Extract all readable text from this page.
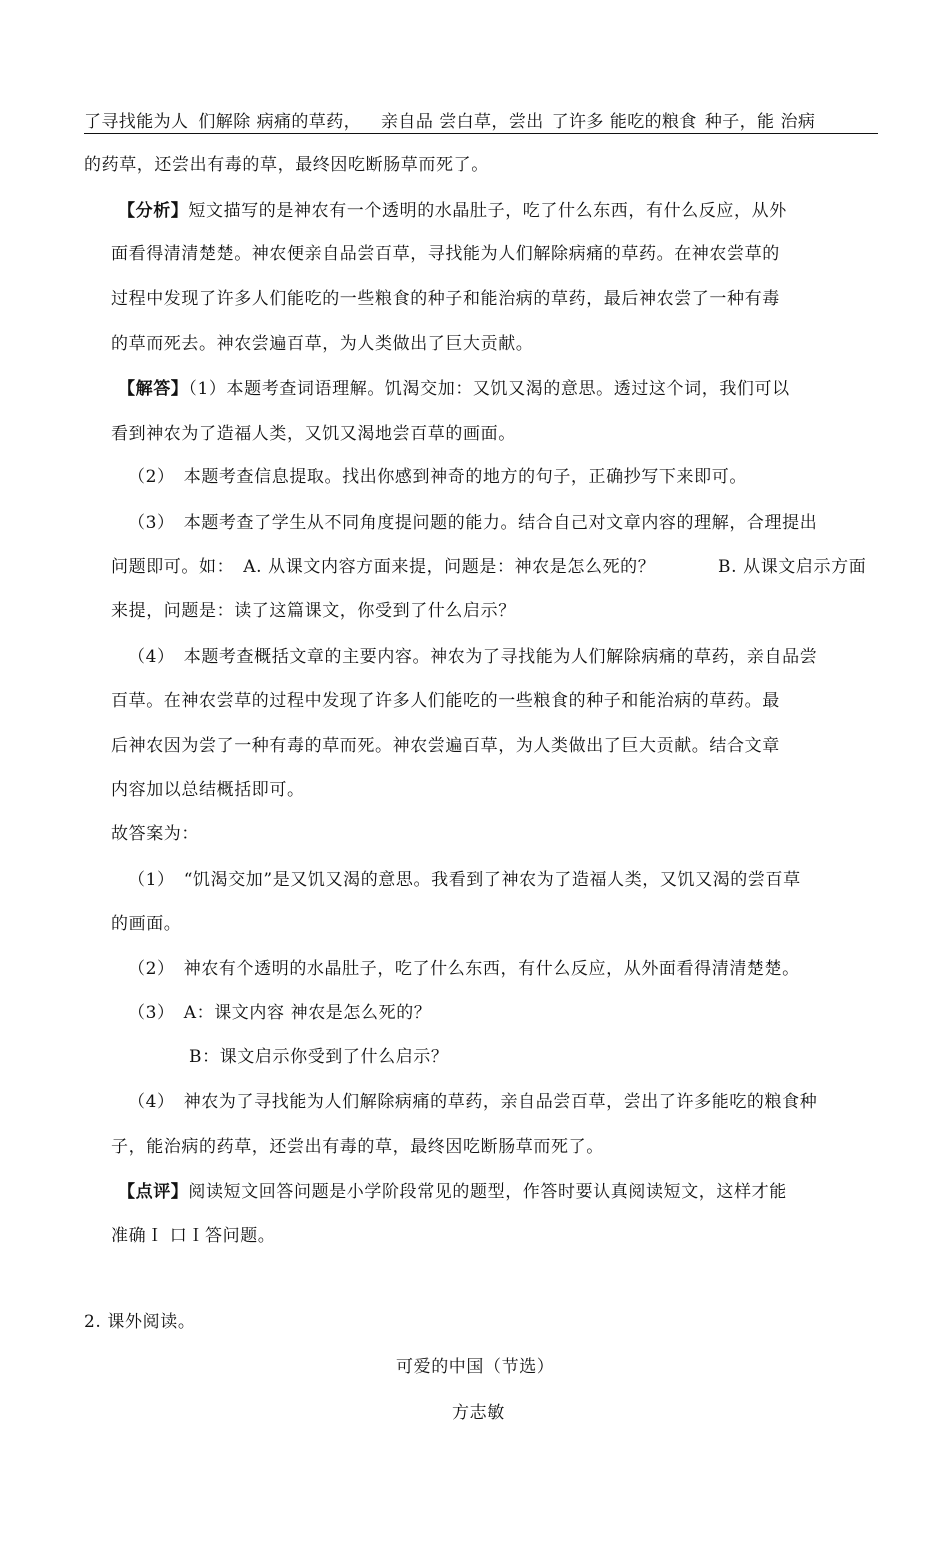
了寻找能为人 们解除 病痛的草药， 亲自品 尝白草，尝出 了许多 能吃的粮食 种子，能 治病
的药草，还尝出有毒的草，最终因吃断肠草而死了。
【分析】短文描写的是神农有一个透明的水晶肚子，吃了什么东西，有什么反应，从外
面看得清清楚楚。神农便亲自品尝百草，寻找能为人们解除病痛的草药。在神农尝草的
过程中发现了许多人们能吃的一些粮食的种子和能治病的草药，最后神农尝了一种有毒
的草而死去。神农尝遍百草，为人类做出了巨大贡献。
【解答】（1）本题考查词语理解。饥渴交加：又饥又渴的意思。透过这个词，我们可以
看到神农为了造福人类，又饥又渴地尝百草的画面。
（2）　本题考查信息提取。找出你感到神奇的地方的句子，正确抄写下来即可。
（3）　本题考查了学生从不同角度提问题的能力。结合自己对文章内容的理解，合理提出
问题即可。如：　A. 从课文内容方面来提，问题是：神农是怎么死的？	B. 从课文启示方面
来提，问题是：读了这篇课文，你受到了什么启示？
（4）　本题考查概括文章的主要内容。神农为了寻找能为人们解除病痛的草药，亲自品尝
百草。在神农尝草的过程中发现了许多人们能吃的一些粮食的种子和能治病的草药。最
后神农因为尝了一种有毒的草而死。神农尝遍百草，为人类做出了巨大贡献。结合文章
内容加以总结概括即可。
故答案为：
（1）　“饥渴交加”是又饥又渴的意思。我看到了神农为了造福人类，又饥又渴的尝百草
的画面。
（2）　神农有个透明的水晶肚子，吃了什么东西，有什么反应，从外面看得清清楚楚。
（3）　A：课文内容 神农是怎么死的？
B：课文启示你受到了什么启示？
（4）　神农为了寻找能为人们解除病痛的草药，亲自品尝百草，尝出了许多能吃的粮食种
子，能治病的药草，还尝出有毒的草，最终因吃断肠草而死了。
【点评】阅读短文回答问题是小学阶段常见的题型，作答时要认真阅读短文，这样才能
准确Ｉ 口Ｉ答问题。
2. 课外阅读。
可爱的中国（节选）
方志敏
